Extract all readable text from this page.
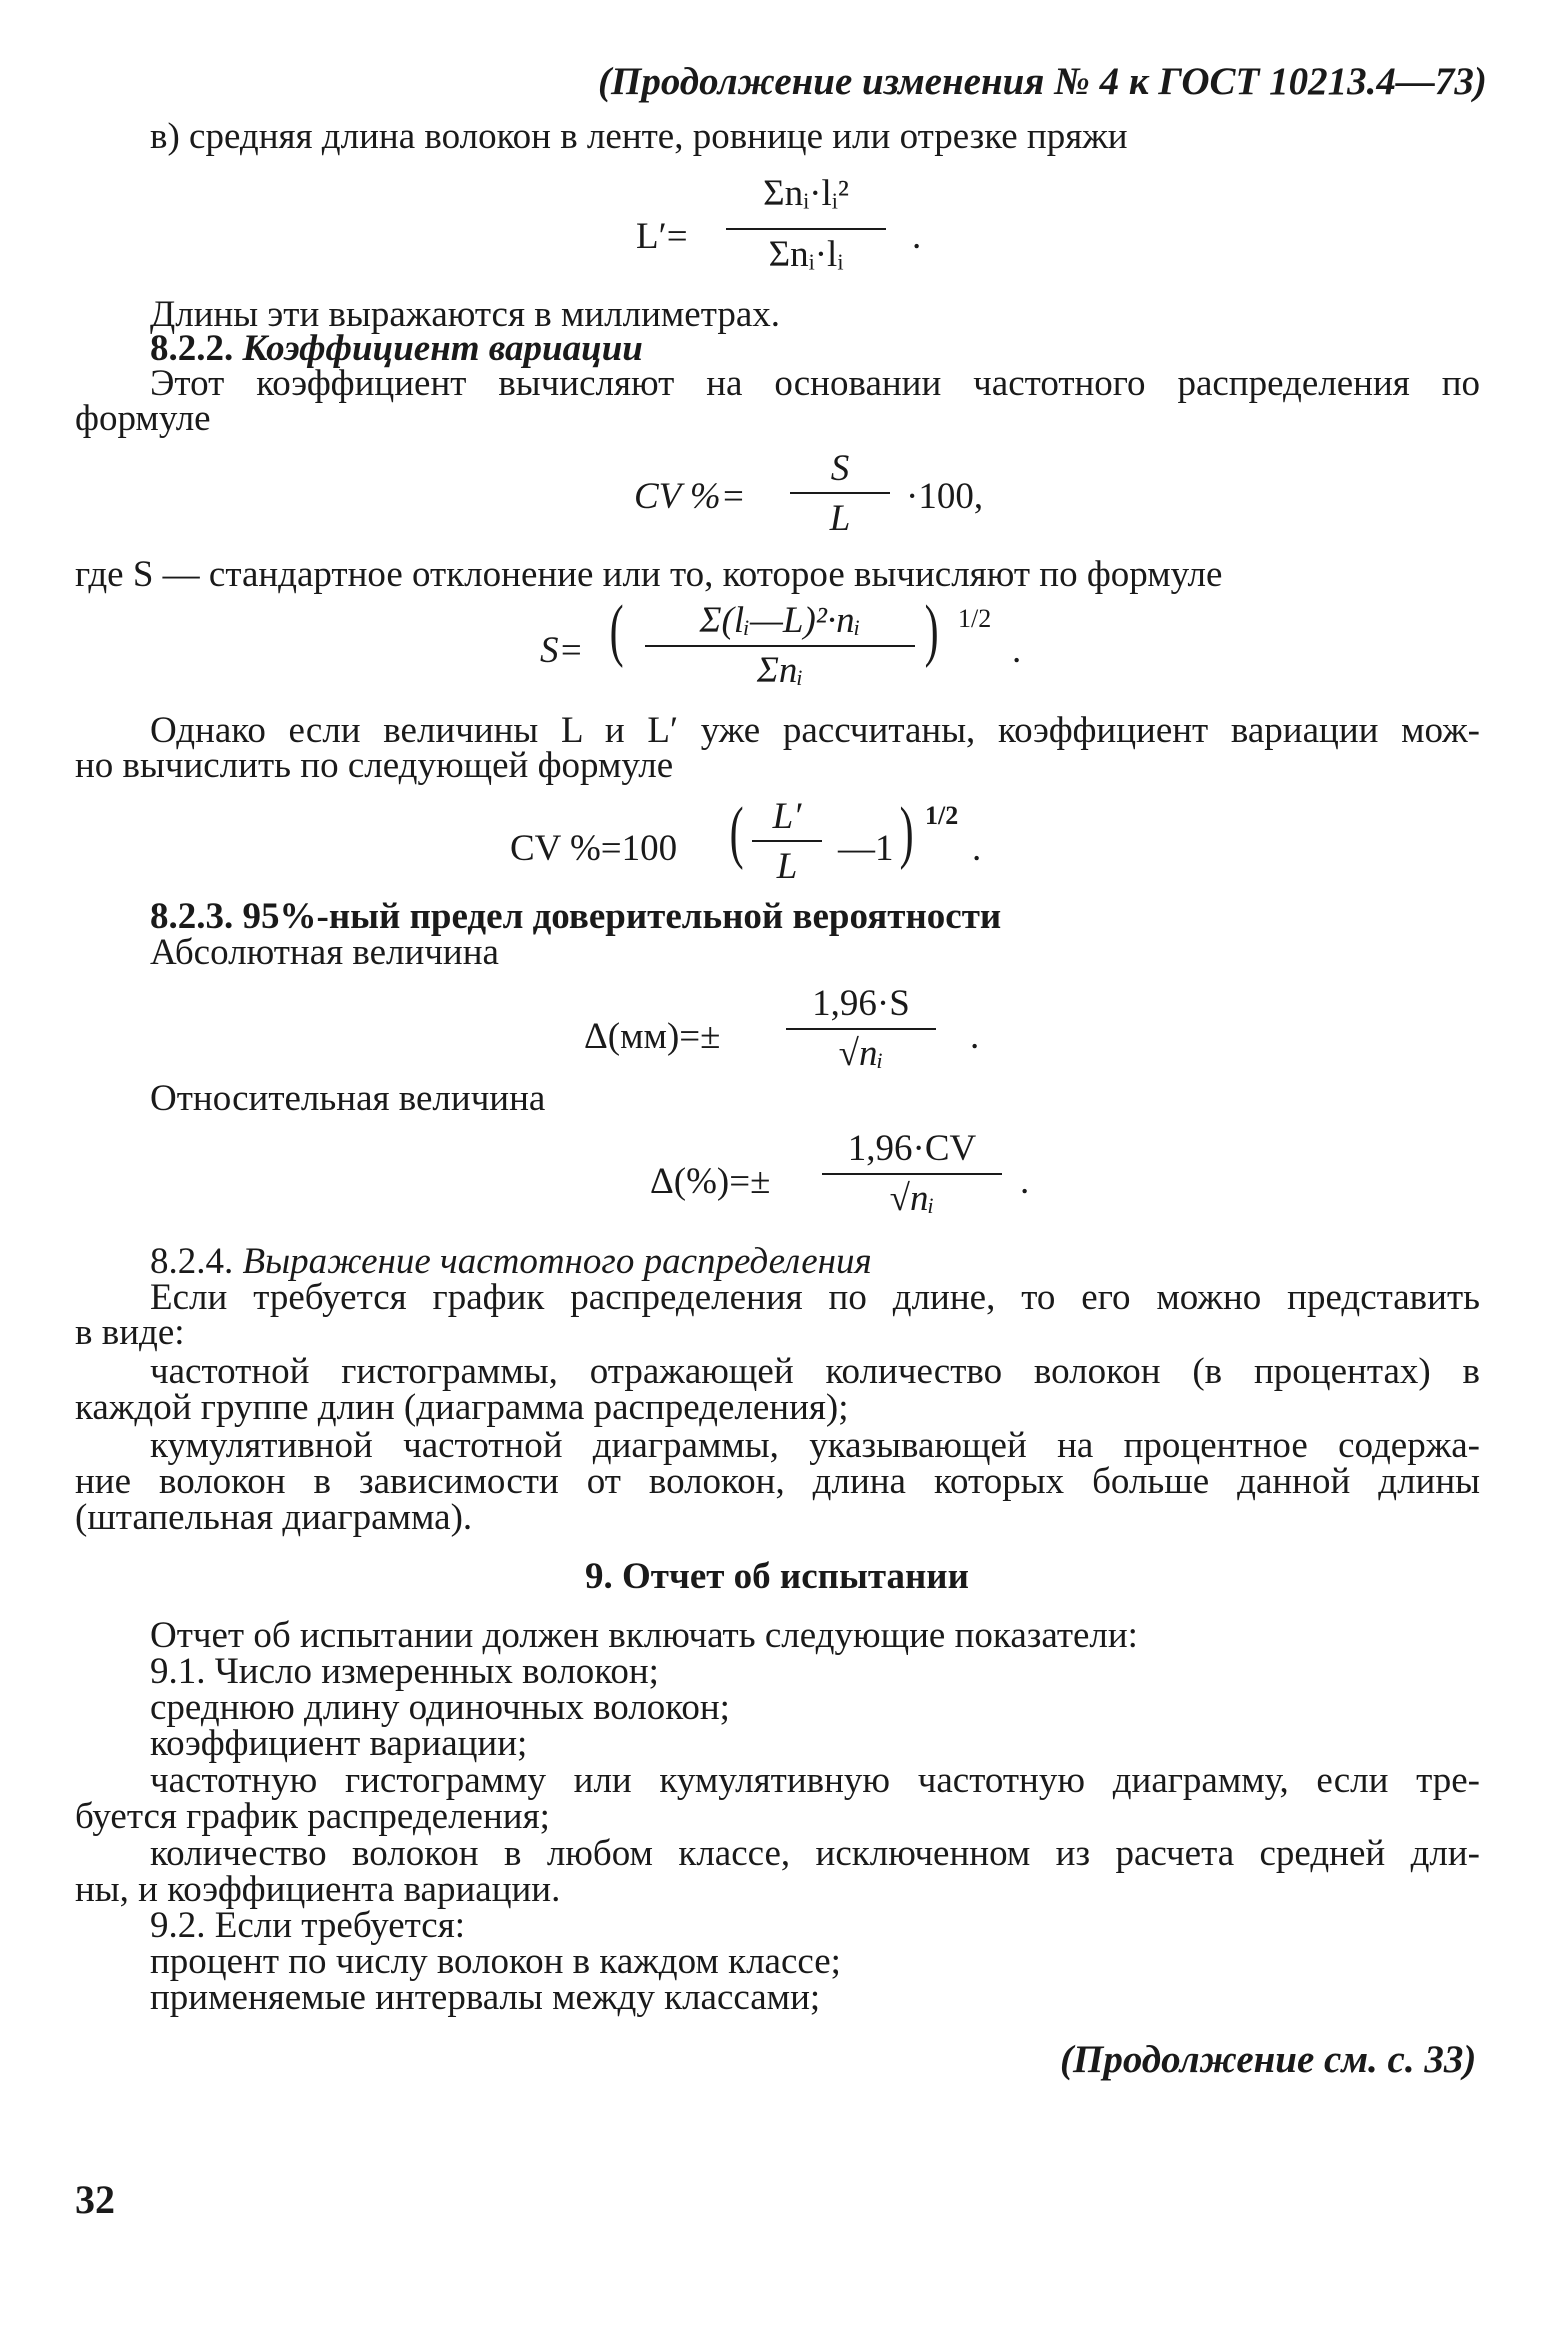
(Продолжение изменения № 4 к ГОСТ 10213.4—73)
в) средняя длина волокон в ленте, ровнице или отрезке пряжи
L′=
Σnᵢ·lᵢ²
Σnᵢ·lᵢ	.
Длины эти выражаются в миллиметрах.
8.2.2. Коэффициент вариации
Этот коэффициент вычисляют на основании частотного распределения по
формуле
CV %=
S
L
·100,
где S — стандартное отклонение или то, которое вычисляют по формуле
S= (	Σ(lᵢ—L)²·nᵢ
Σnᵢ
) 1/2
.
Однако если величины L и L′ уже рассчитаны, коэффициент вариации мож-
но вычислить по следующей формуле
CV %=100 ( L′
L	—1 ) 1/2
.
8.2.3. 95%-ный предел доверительной вероятности
Абсолютная величина
Δ(мм)=±
1,96·S
√nᵢ	.
Относительная величина
Δ(%)=±
1,96·CV
√nᵢ	.
8.2.4. Выражение частотного распределения
Если требуется график распределения по длине, то его можно представить
в виде:
частотной гистограммы, отражающей количество волокон (в процентах) в
каждой группе длин (диаграмма распределения);
кумулятивной частотной диаграммы, указывающей на процентное содержа-
ние волокон в зависимости от волокон, длина которых больше данной длины
(штапельная диаграмма).
9. Отчет об испытании
Отчет об испытании должен включать следующие показатели:
9.1. Число измеренных волокон;
среднюю длину одиночных волокон;
коэффициент вариации;
частотную гистограмму или кумулятивную частотную диаграмму, если тре-
буется график распределения;
количество волокон в любом классе, исключенном из расчета средней дли-
ны, и коэффициента вариации.
9.2. Если требуется:
процент по числу волокон в каждом классе;
применяемые интервалы между классами;
(Продолжение см. с. 33)
32
